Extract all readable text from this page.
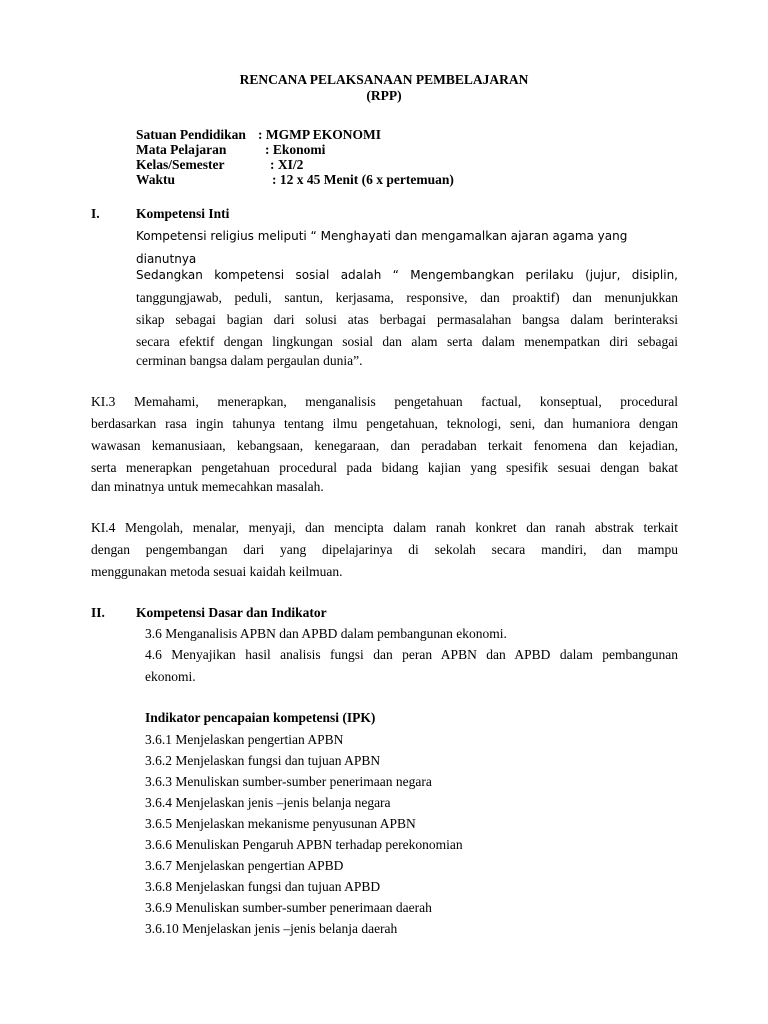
RENCANA PELAKSANAAN PEMBELAJARAN
(RPP)
Satuan Pendidikan : MGMP EKONOMI
Mata Pelajaran	: Ekonomi
Kelas/Semester	: XI/2
Waktu	: 12 x 45 Menit (6 x pertemuan)
I.	Kompetensi Inti
Kompetensi religius meliputi “ Menghayati dan mengamalkan ajaran agama yang
dianutnya
Sedangkan kompetensi sosial adalah “ Mengembangkan perilaku (jujur, disiplin,
tanggungjawab, peduli, santun, kerjasama, responsive, dan proaktif) dan menunjukkan
sikap sebagai bagian dari solusi atas berbagai permasalahan bangsa dalam berinteraksi
secara efektif dengan lingkungan sosial dan alam serta dalam menempatkan diri sebagai
cerminan bangsa dalam pergaulan dunia”.
KI.3 Memahami, menerapkan, menganalisis pengetahuan factual, konseptual, procedural
berdasarkan rasa ingin tahunya tentang ilmu pengetahuan, teknologi, seni, dan humaniora dengan
wawasan kemanusiaan, kebangsaan, kenegaraan, dan peradaban terkait fenomena dan kejadian,
serta menerapkan pengetahuan procedural pada bidang kajian yang spesifik sesuai dengan bakat
dan minatnya untuk memecahkan masalah.
KI.4 Mengolah, menalar, menyaji, dan mencipta dalam ranah konkret dan ranah abstrak terkait
dengan pengembangan dari yang dipelajarinya di sekolah secara mandiri, dan mampu
menggunakan metoda sesuai kaidah keilmuan.
II. Kompetensi Dasar dan Indikator
3.6 Menganalisis APBN dan APBD dalam pembangunan ekonomi.
4.6 Menyajikan hasil analisis fungsi dan peran APBN dan APBD dalam pembangunan
ekonomi.
Indikator pencapaian kompetensi (IPK)
3.6.1 Menjelaskan pengertian APBN
3.6.2 Menjelaskan fungsi dan tujuan APBN
3.6.3 Menuliskan sumber-sumber penerimaan negara
3.6.4 Menjelaskan jenis –jenis belanja negara
3.6.5 Menjelaskan mekanisme penyusunan APBN
3.6.6 Menuliskan Pengaruh APBN terhadap perekonomian
3.6.7 Menjelaskan pengertian APBD
3.6.8 Menjelaskan fungsi dan tujuan APBD
3.6.9 Menuliskan sumber-sumber penerimaan daerah
3.6.10 Menjelaskan jenis –jenis belanja daerah
